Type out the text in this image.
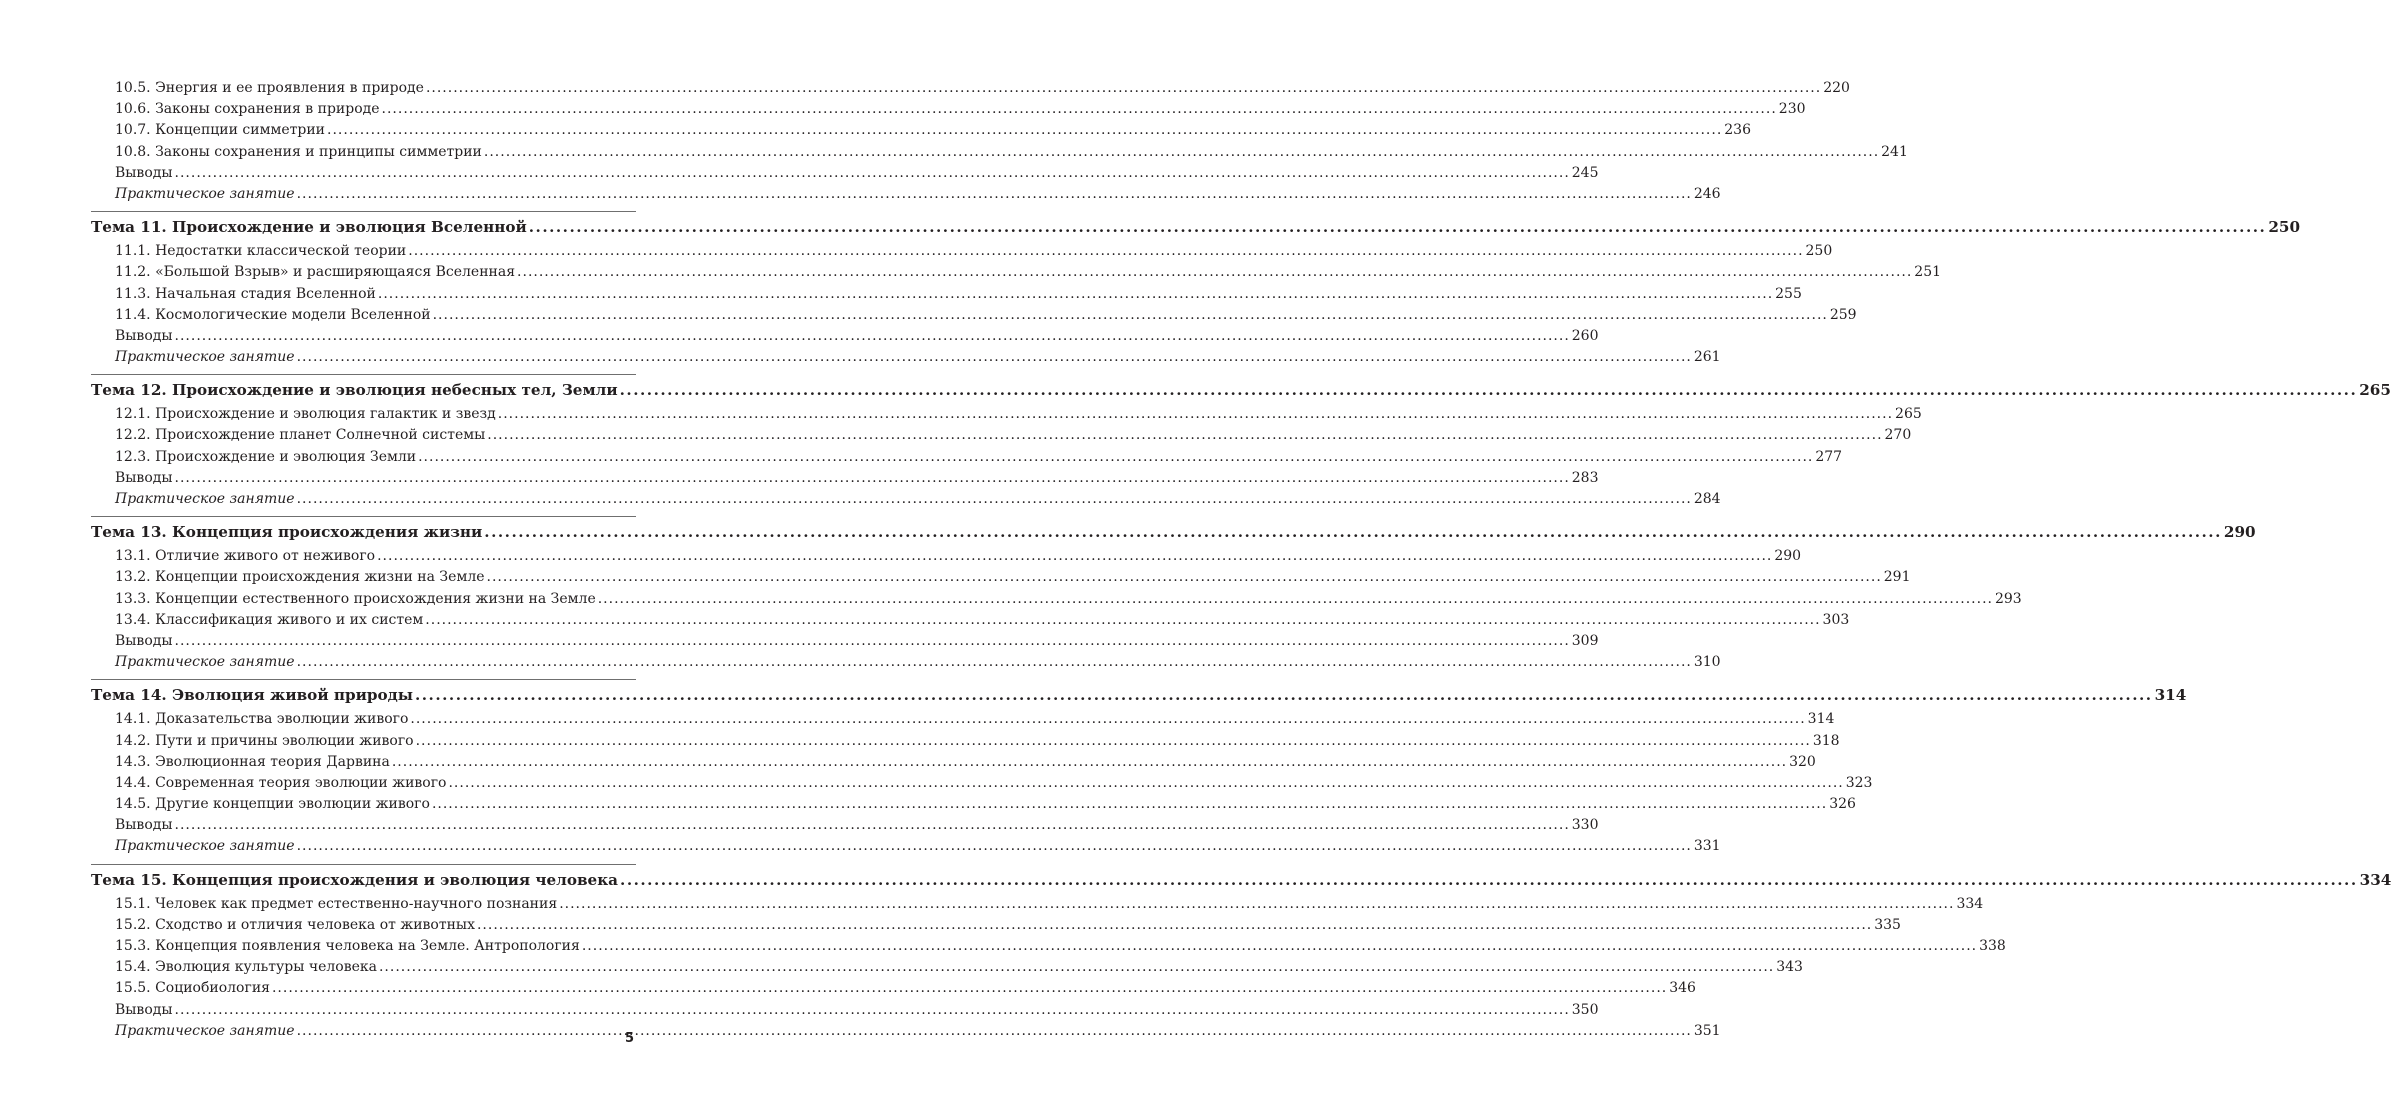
10.5. Энергия и ее проявления в природе .....	220
10.6. Законы сохранения в природе .....	230
10.7. Концепции симметрии .....	236
10.8. Законы сохранения и принципы симметрии .....	241
Выводы .....	245
Практическое занятие .....	246
Тема 11. Происхождение и эволюция Вселенной .....	250
11.1. Недостатки классической теории .....	250
11.2. «Большой Взрыв» и расширяющаяся Вселенная .....	251
11.3. Начальная стадия Вселенной .....	255
11.4. Космологические модели Вселенной .....	259
Выводы .....	260
Практическое занятие .....	261
Тема 12. Происхождение и эволюция небесных тел, Земли .....	265
12.1. Происхождение и эволюция галактик и звезд .....	265
12.2. Происхождение планет Солнечной системы .....	270
12.3. Происхождение и эволюция Земли .....	277
Выводы .....	283
Практическое занятие .....	284
Тема 13. Концепция происхождения жизни .....	290
13.1. Отличие живого от неживого .....	290
13.2. Концепции происхождения жизни на Земле .....	291
13.3. Концепции естественного происхождения жизни на Земле .....	293
13.4. Классификация живого и их систем .....	303
Выводы .....	309
Практическое занятие .....	310
Тема 14. Эволюция живой природы .....	314
14.1. Доказательства эволюции живого .....	314
14.2. Пути и причины эволюции живого .....	318
14.3. Эволюционная теория Дарвина .....	320
14.4. Современная теория эволюции живого .....	323
14.5. Другие концепции эволюции живого .....	326
Выводы .....	330
Практическое занятие .....	331
Тема 15. Концепция происхождения и эволюция человека .....	334
15.1. Человек как предмет естественно-научного познания .....	334
15.2. Сходство и отличия человека от животных .....	335
15.3. Концепция появления человека на Земле. Антропология .....	338
15.4. Эволюция культуры человека .....	343
15.5. Социобиология .....	346
Выводы .....	350
Практическое занятие .....	351
5
